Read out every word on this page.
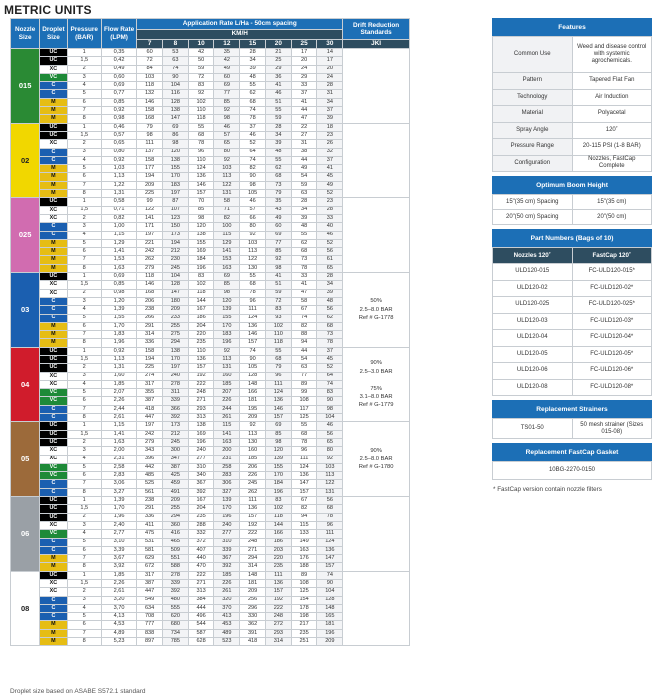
METRIC UNITS
Nozzle Size	Droplet Size	Pressure (BAR)	Flow Rate (LPM)	Application Rate L/Ha - 50cm spacing								Drift Reduction Standards
				KM/H								
				7	8	10	12	15	20	25	30	JKI
015	UC	1	0,35	60	53	42	35	28	21	17	14	
	UC	1,5	0,42	72	63	50	42	34	25	20	17	
	XC	2	0,49	84	74	59	49	39	29	24	20	
	VC	3	0,60	103	90	72	60	48	36	29	24	
	C	4	0,69	118	104	83	69	55	41	33	28	
	C	5	0,77	132	116	92	77	62	46	37	31	
	M	6	0,85	146	128	102	85	68	51	41	34	
	M	7	0,92	158	138	110	92	74	55	44	37	
	M	8	0,98	168	147	118	98	78	59	47	39	
02	UC	1	0,46	79	69	55	46	37	28	22	18	
	UC	1,5	0,57	98	86	68	57	46	34	27	23	
	XC	2	0,65	111	98	78	65	52	39	31	26	
	C	3	0,80	137	120	96	80	64	48	38	32	
	C	4	0,92	158	138	110	92	74	55	44	37	
	M	5	1,03	177	155	124	103	82	62	49	41	
	M	6	1,13	194	170	136	113	90	68	54	45	
	M	7	1,22	209	183	146	122	98	73	59	49	
	M	8	1,31	225	197	157	131	105	79	63	52	
025	UC	1	0,58	99	87	70	58	46	35	28	23	
	XC	1,5	0,71	122	107	85	71	57	43	34	28	
	XC	2	0,82	141	123	98	82	66	49	39	33	
	C	3	1,00	171	150	120	100	80	60	48	40	
	C	4	1,15	197	173	138	115	92	69	55	46	
	M	5	1,29	221	194	155	129	103	77	62	52	
	M	6	1,41	242	212	169	141	113	85	68	56	
	M	7	1,53	262	230	184	153	122	92	73	61	
	M	8	1,63	279	245	196	163	130	98	78	65	
03	UC	1	0,69	118	104	83	69	55	41	33	28	50%
2.5–8.0 BAR
Ref # G-1778
	XC	1,5	0,85	146	128	102	85	68	51	41	34	
	XC	2	0,98	168	147	118	98	78	59	47	39	
	C	3	1,20	206	180	144	120	96	72	58	48	
	C	4	1,39	238	209	167	139	111	83	67	56	
	C	5	1,55	266	233	186	155	124	93	74	62	
	M	6	1,70	291	255	204	170	136	102	82	68	
	M	7	1,83	314	275	220	183	146	110	88	73	
	M	8	1,96	336	294	235	196	157	118	94	78	
04	UC	1	0,92	158	138	110	92	74	55	44	37	90%
2.5–3.0 BAR

75%
3.1–8.0 BAR
Ref # G-1779
	UC	1,5	1,13	194	170	136	113	90	68	54	45	
	UC	2	1,31	225	197	157	131	105	79	63	52	
	XC	3	1,60	274	240	192	160	128	96	77	64	
	XC	4	1,85	317	278	222	185	148	111	89	74	
	VC	5	2,07	355	311	248	207	166	124	99	83	
	VC	6	2,26	387	339	271	226	181	136	108	90	
	C	7	2,44	418	366	293	244	195	146	117	98	
	C	8	2,61	447	392	313	261	209	157	125	104	
05	UC	1	1,15	197	173	138	115	92	69	55	46	90%
2.5–8.0 BAR
Ref # G-1780
	UC	1,5	1,41	242	212	169	141	113	85	68	56	
	UC	2	1,63	279	245	196	163	130	98	78	65	
	XC	3	2,00	343	300	240	200	160	120	96	80	
	XC	4	2,31	396	347	277	231	185	139	111	92	
	VC	5	2,58	442	387	310	258	206	155	124	103	
	VC	6	2,83	485	425	340	283	226	170	136	113	
	C	7	3,06	525	459	367	306	245	184	147	122	
	C	8	3,27	561	491	392	327	262	196	157	131	
06	UC	1	1,39	238	209	167	139	111	83	67	56	
	UC	1,5	1,70	291	255	204	170	136	102	82	68	
	UC	2	1,96	336	294	235	196	157	118	94	78	
	XC	3	2,40	411	360	288	240	192	144	115	96	
	VC	4	2,77	475	416	332	277	222	166	133	111	
	C	5	3,10	531	465	372	310	248	186	149	124	
	C	6	3,39	581	509	407	339	271	203	163	136	
	M	7	3,67	629	551	440	367	294	220	176	147	
	M	8	3,92	672	588	470	392	314	235	188	157	
08	UC	1	1,85	317	278	222	185	148	111	89	74	
	XC	1,5	2,26	387	339	271	226	181	136	108	90	
	XC	2	2,61	447	392	313	261	209	157	125	104	
	C	3	3,20	549	480	384	320	256	192	154	128	
	C	4	3,70	634	555	444	370	296	222	178	148	
	C	5	4,13	708	620	496	413	330	248	198	165	
	M	6	4,53	777	680	544	453	362	272	217	181	
	M	7	4,89	838	734	587	489	391	293	235	196	
	M	8	5,23	897	785	628	523	418	314	251	209	
Droplet size based on ASABE S572.1 standard
Features
Common Use	Weed and disease control with systemic agrochemicals.
Pattern	Tapered Flat Fan
Technology	Air Induction
Material	Polyacetal
Spray Angle	120˚
Pressure Range	20-115 PSI (1-8 BAR)
Configuration	Nozzles, FastCap Complete
Optimum Boom Height
15"(35 cm) Spacing	15"(35 cm)
20"(50 cm) Spacing	20"(50 cm)
Part Numbers (Bags of 10)
Nozzles 120˚	FastCap 120˚
ULD120-015	FC-ULD120-015*
ULD120-02	FC-ULD120-02*
ULD120-025	FC-ULD120-025*
ULD120-03	FC-ULD120-03*
ULD120-04	FC-ULD120-04*
ULD120-05	FC-ULD120-05*
ULD120-06	FC-ULD120-06*
ULD120-08	FC-ULD120-08*
Replacement Strainers
TS01-50	50 mesh strainer (Sizes 015-08)
Replacement FastCap Gasket
10BG-2270-0150
* FastCap version contain nozzle filters
